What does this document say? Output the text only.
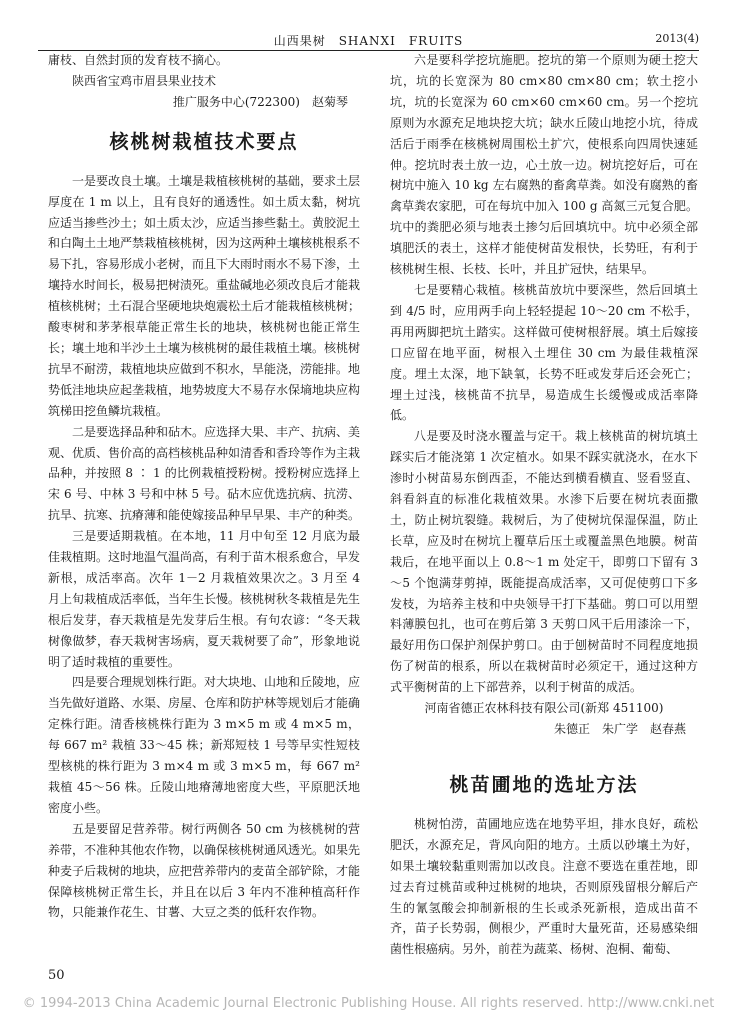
山西果树　SHANXI　FRUITS	2013(4)

庸枝、自然封顶的发育枝不摘心。

陕西省宝鸡市眉县果业技术

推广服务中心(722300)　赵菊琴

核桃树栽植技术要点

一是要改良土壤。土壤是栽植核桃树的基础，要求土层厚度在 1 m 以上，且有良好的通透性。如土质太黏，树坑应适当掺些沙土；如土质太沙，应适当掺些黏土。黄胶泥土和白陶土土地严禁栽植核桃树，因为这两种土壤核桃根系不易下扎，容易形成小老树，而且下大雨时雨水不易下渗，土壤持水时间长，极易把树渍死。重盐碱地必须改良后才能栽植核桃树；土石混合坚硬地块炮震松土后才能栽植核桃树；酸枣树和茅茅根草能正常生长的地块，核桃树也能正常生长；壤土地和半沙土土壤为核桃树的最佳栽植土壤。核桃树抗旱不耐涝，栽植地块应做到不积水，旱能浇，涝能排。地势低洼地块应起垄栽植，地势坡度大不易存水保墒地块应构筑梯田挖鱼鳞坑栽植。

二是要选择品种和砧木。应选择大果、丰产、抗病、美观、优质、售价高的高档核桃品种如清香和香玲等作为主栽品种，并按照 8 ∶ 1 的比例栽植授粉树。授粉树应选择上宋 6 号、中林 3 号和中林 5 号。砧木应优选抗病、抗涝、抗旱、抗寒、抗瘠薄和能使嫁接品种早早果、丰产的种类。

三是要适期栽植。在本地，11 月中旬至 12 月底为最佳栽植期。这时地温气温尚高，有利于苗木根系愈合，早发新根，成活率高。次年 1－2 月栽植效果次之。3 月至 4 月上旬栽植成活率低，当年生长慢。核桃树秋冬栽植是先生根后发芽，春天栽植是先发芽后生根。有句农谚：“冬天栽树像做梦，春天栽树害场病，夏天栽树要了命”，形象地说明了适时栽植的重要性。

四是要合理规划株行距。对大块地、山地和丘陵地，应当先做好道路、水渠、房屋、仓库和防护林等规划后才能确定株行距。清香核桃株行距为 3 m×5 m 或 4 m×5 m，每 667 m² 栽植 33～45 株；新郑短枝 1 号等早实性短枝型核桃的株行距为 3 m×4 m 或 3 m×5 m，每 667 m² 栽植 45～56 株。丘陵山地瘠薄地密度大些，平原肥沃地密度小些。

五是要留足营养带。树行两侧各 50 cm 为核桃树的营养带，不准种其他农作物，以确保核桃树通风透光。如果先种麦子后栽树的地块，应把营养带内的麦苗全部铲除，才能保障核桃树正常生长，并且在以后 3 年内不准种植高秆作物，只能兼作花生、甘薯、大豆之类的低秆农作物。

六是要科学挖坑施肥。挖坑的第一个原则为硬土挖大坑，坑的长宽深为 80 cm×80 cm×80 cm；软土挖小坑，坑的长宽深为 60 cm×60 cm×60 cm。另一个挖坑原则为水源充足地块挖大坑；缺水丘陵山地挖小坑，待成活后于雨季在核桃树周围松土扩穴，使根系向四周快速延伸。挖坑时表土放一边，心土放一边。树坑挖好后，可在树坑中施入 10 kg 左右腐熟的畜禽草粪。如没有腐熟的畜禽草粪农家肥，可在每坑中加入 100 g 高氮三元复合肥。坑中的粪肥必须与地表土掺匀后回填坑中。坑中必须全部填肥沃的表土，这样才能使树苗发根快，长势旺，有利于核桃树生根、长枝、长叶，并且扩冠快，结果早。

七是要精心栽植。核桃苗放坑中要深些，然后回填土到 4/5 时，应用两手向上轻轻提起 10～20 cm 不松手，再用两脚把坑土踏实。这样做可使树根舒展。填土后嫁接口应留在地平面，树根入土埋住 30 cm 为最佳栽植深度。埋土太深，地下缺氧，长势不旺或发芽后还会死亡；埋土过浅，核桃苗不抗旱，易造成生长缓慢或成活率降低。

八是要及时浇水覆盖与定干。栽上核桃苗的树坑填土踩实后才能浇第 1 次定植水。如果不踩实就浇水，在水下渗时小树苗易东倒西歪，不能达到横看横直、竖看竖直、斜看斜直的标准化栽植效果。水渗下后要在树坑表面撒土，防止树坑裂缝。栽树后，为了使树坑保湿保温，防止长草，应及时在树坑上覆草后压土或覆盖黑色地膜。树苗栽后，在地平面以上 0.8～1 m 处定干，即剪口下留有 3～5 个饱满芽剪掉，既能提高成活率，又可促使剪口下多发枝，为培养主枝和中央领导干打下基础。剪口可以用塑料薄膜包扎，也可在剪后第 3 天剪口风干后用漆涂一下，最好用伤口保护剂保护剪口。由于刨树苗时不同程度地损伤了树苗的根系，所以在栽树苗时必须定干，通过这种方式平衡树苗的上下部营养，以利于树苗的成活。

河南省德正农林科技有限公司(新郑 451100)

朱德正　朱广学　赵春燕

桃苗圃地的选址方法

桃树怕涝，苗圃地应选在地势平坦，排水良好，疏松肥沃，水源充足，背风向阳的地方。土质以砂壤土为好，如果土壤较黏重则需加以改良。注意不要选在重茬地，即过去育过桃苗或种过桃树的地块，否则原残留根分解后产生的氰氢酸会抑制新根的生长或杀死新根，造成出苗不齐，苗子长势弱，侧根少，严重时大量死苗，还易感染细菌性根癌病。另外，前茬为蔬菜、杨树、泡桐、葡萄、

50
© 1994-2013 China Academic Journal Electronic Publishing House. All rights reserved. http://www.cnki.net
